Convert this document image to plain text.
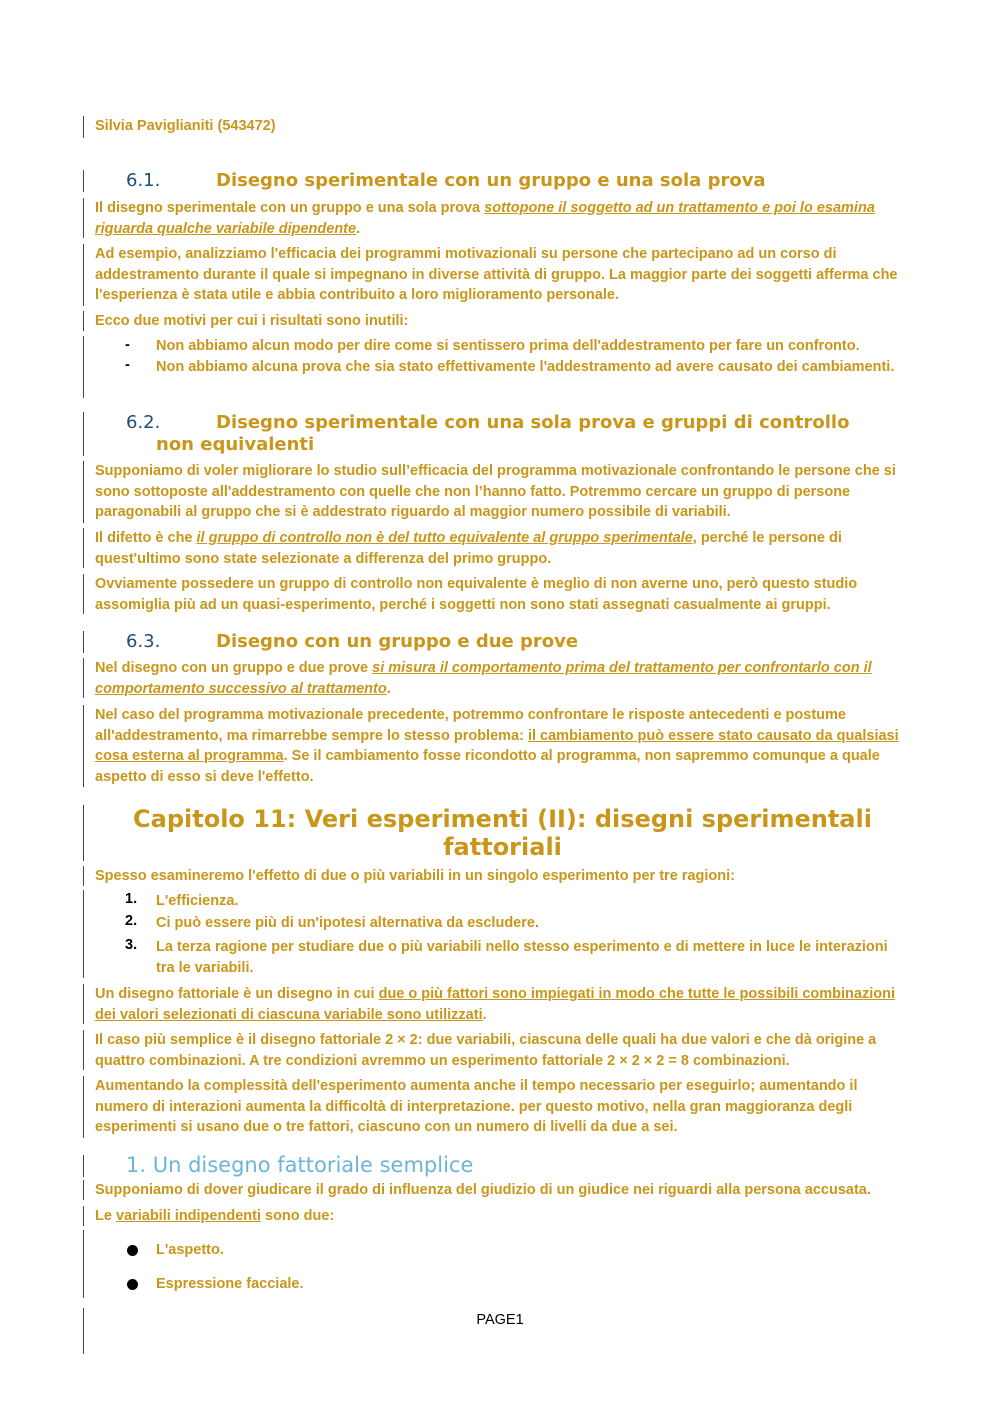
Silvia Paviglianiti (543472)
6.1.	Disegno sperimentale con un gruppo e una sola prova
Il disegno sperimentale con un gruppo e una sola prova sottopone il soggetto ad un trattamento e poi lo esamina riguarda qualche variabile dipendente.
Ad esempio, analizziamo l'efficacia dei programmi motivazionali su persone che partecipano ad un corso di addestramento durante il quale si impegnano in diverse attività di gruppo. La maggior parte dei soggetti afferma che l'esperienza è stata utile e abbia contribuito a loro miglioramento personale.
Ecco due motivi per cui i risultati sono inutili:
- Non abbiamo alcun modo per dire come si sentissero prima dell'addestramento per fare un confronto.
- Non abbiamo alcuna prova che sia stato effettivamente l'addestramento ad avere causato dei cambiamenti.
6.2.	Disegno sperimentale con una sola prova e gruppi di controllo
non equivalenti
Supponiamo di voler migliorare lo studio sull’efficacia del programma motivazionale confrontando le persone che si sono sottoposte all'addestramento con quelle che non l’hanno fatto. Potremmo cercare un gruppo di persone paragonabili al gruppo che si è addestrato riguardo al maggior numero possibile di variabili.
Il difetto è che il gruppo di controllo non è del tutto equivalente al gruppo sperimentale, perché le persone di quest'ultimo sono state selezionate a differenza del primo gruppo.
Ovviamente possedere un gruppo di controllo non equivalente è meglio di non averne uno, però questo studio assomiglia più ad un quasi-esperimento, perché i soggetti non sono stati assegnati casualmente ai gruppi.
6.3.	Disegno con un gruppo e due prove
Nel disegno con un gruppo e due prove si misura il comportamento prima del trattamento per confrontarlo con il comportamento successivo al trattamento.
Nel caso del programma motivazionale precedente, potremmo confrontare le risposte antecedenti e postume all'addestramento, ma rimarrebbe sempre lo stesso problema: il cambiamento può essere stato causato da qualsiasi cosa esterna al programma. Se il cambiamento fosse ricondotto al programma, non sapremmo comunque a quale aspetto di esso si deve l'effetto.
Capitolo 11: Veri esperimenti (II): disegni sperimentali
fattoriali
Spesso esamineremo l'effetto di due o più variabili in un singolo esperimento per tre ragioni:
1. L'efficienza.
2. Ci può essere più di un'ipotesi alternativa da escludere.
3. La terza ragione per studiare due o più variabili nello stesso esperimento e di mettere in luce le interazioni tra le variabili.
Un disegno fattoriale è un disegno in cui due o più fattori sono impiegati in modo che tutte le possibili combinazioni dei valori selezionati di ciascuna variabile sono utilizzati.
Il caso più semplice è il disegno fattoriale 2 × 2: due variabili, ciascuna delle quali ha due valori e che dà origine a quattro combinazioni. A tre condizioni avremmo un esperimento fattoriale 2 × 2 × 2 = 8 combinazioni.
Aumentando la complessità dell'esperimento aumenta anche il tempo necessario per eseguirlo; aumentando il numero di interazioni aumenta la difficoltà di interpretazione. per questo motivo, nella gran maggioranza degli esperimenti si usano due o tre fattori, ciascuno con un numero di livelli da due a sei.
1. Un disegno fattoriale semplice
Supponiamo di dover giudicare il grado di influenza del giudizio di un giudice nei riguardi alla persona accusata.
Le variabili indipendenti sono due:
L'aspetto.
Espressione facciale.
PAGE1
